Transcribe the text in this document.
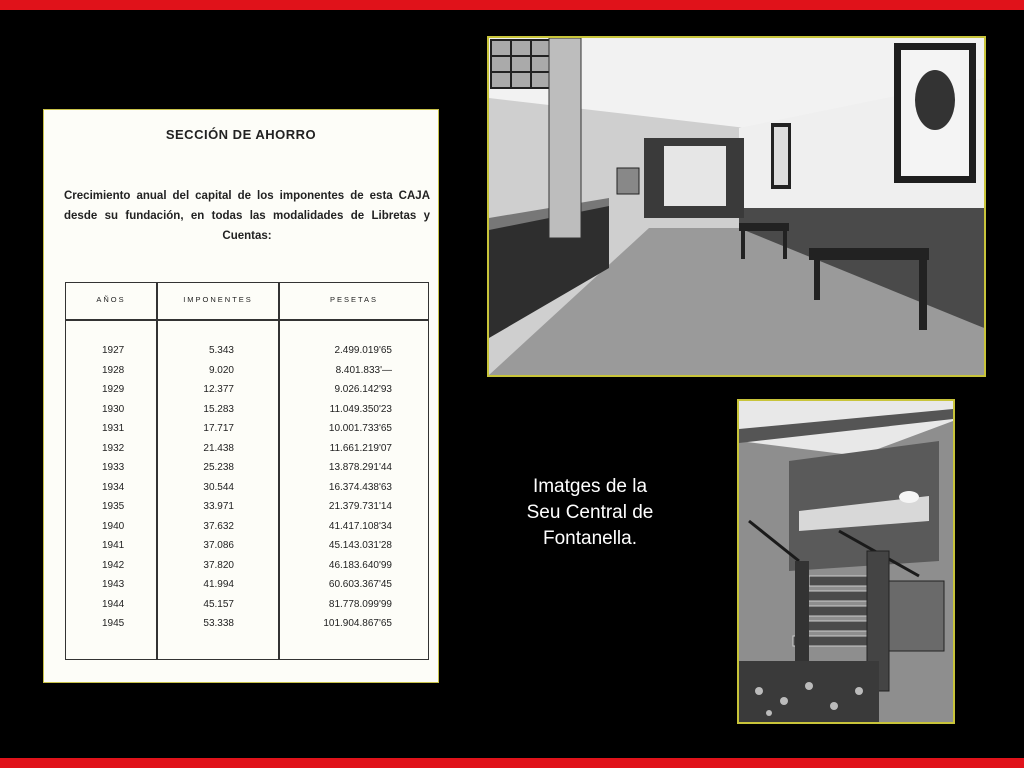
SECCIÓN DE AHORRO
Crecimiento anual del capital de los imponentes de esta CAJA desde su fundación, en todas las modalidades de Libretas y Cuentas:
AÑOS	IMPONENTES	PESETAS
1927	5.343	2.499.019'65
1928	9.020	8.401.833'—
1929	12.377	9.026.142'93
1930	15.283	11.049.350'23
1931	17.717	10.001.733'65
1932	21.438	11.661.219'07
1933	25.238	13.878.291'44
1934	30.544	16.374.438'63
1935	33.971	21.379.731'14
1940	37.632	41.417.108'34
1941	37.086	45.143.031'28
1942	37.820	46.183.640'99
1943	41.994	60.603.367'45
1944	45.157	81.778.099'99
1945	53.338	101.904.867'65
Imatges de la
Seu Central de
Fontanella.
